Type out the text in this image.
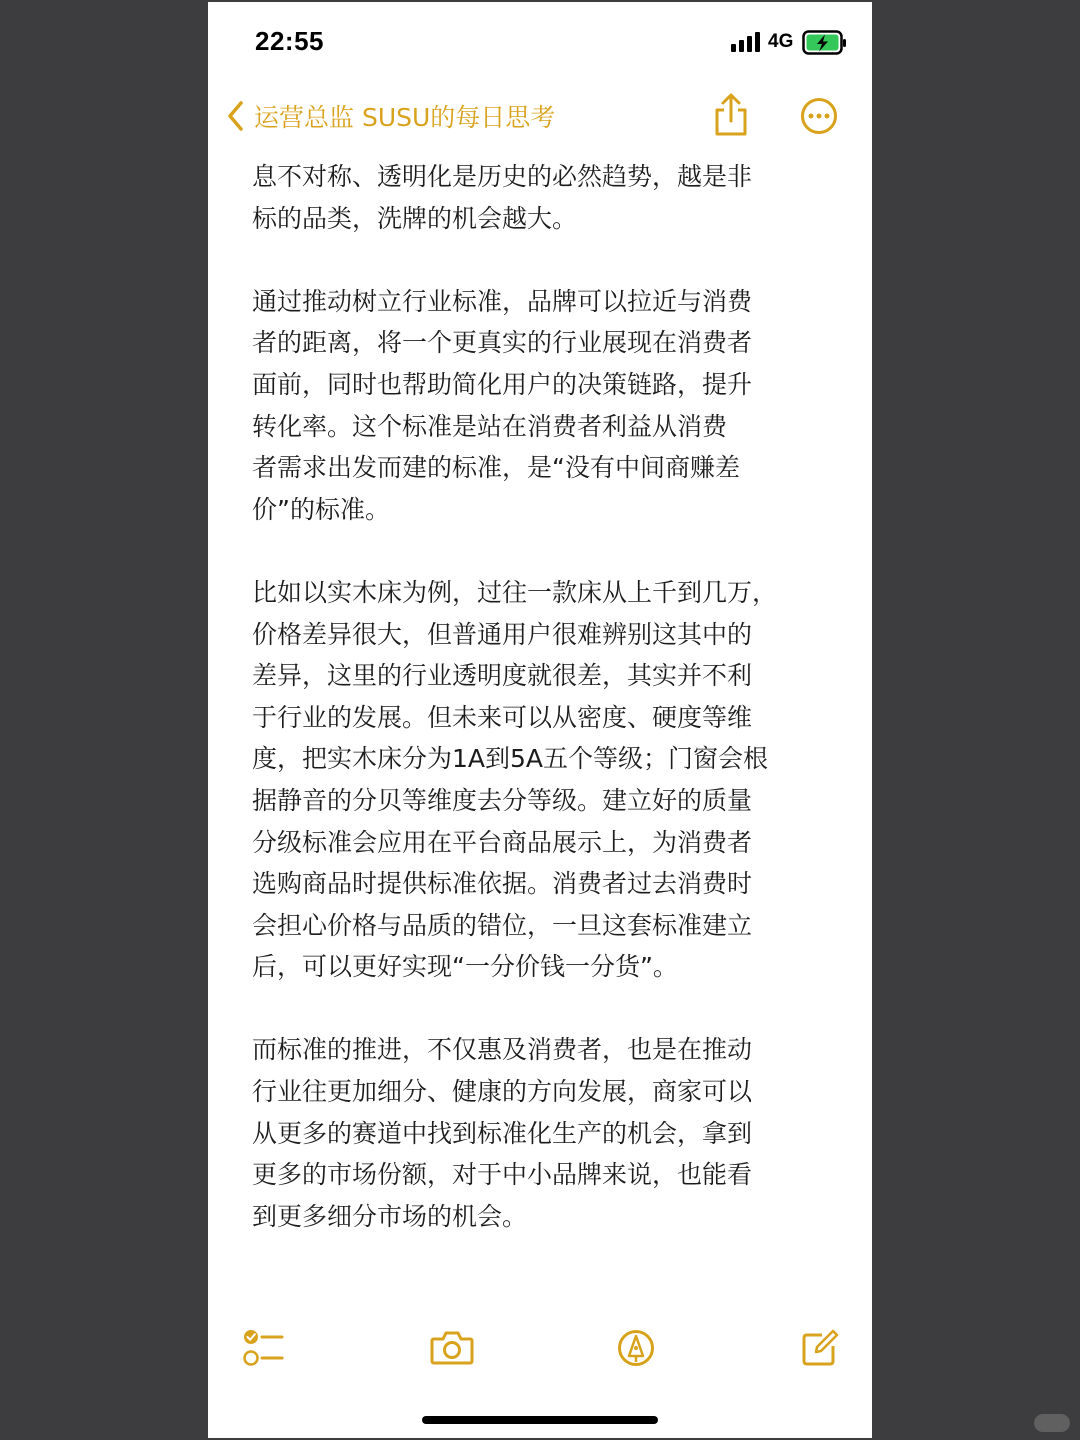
22:55	4G
运营总监 SUSU的每日思考

息不对称、透明化是历史的必然趋势，越是非
标的品类，洗牌的机会越大。

通过推动树立行业标准，品牌可以拉近与消费
者的距离，将一个更真实的行业展现在消费者
面前，同时也帮助简化用户的决策链路，提升
转化率。这个标准是站在消费者利益从消费
者需求出发而建的标准，是“没有中间商赚差
价”的标准。

比如以实木床为例，过往一款床从上千到几万，
价格差异很大，但普通用户很难辨别这其中的
差异，这里的行业透明度就很差，其实并不利
于行业的发展。但未来可以从密度、硬度等维
度，把实木床分为1A到5A五个等级；门窗会根
据静音的分贝等维度去分等级。建立好的质量
分级标准会应用在平台商品展示上，为消费者
选购商品时提供标准依据。消费者过去消费时
会担心价格与品质的错位，一旦这套标准建立
后，可以更好实现“一分价钱一分货”。

而标准的推进，不仅惠及消费者，也是在推动
行业往更加细分、健康的方向发展，商家可以
从更多的赛道中找到标准化生产的机会，拿到
更多的市场份额，对于中小品牌来说，也能看
到更多细分市场的机会。
